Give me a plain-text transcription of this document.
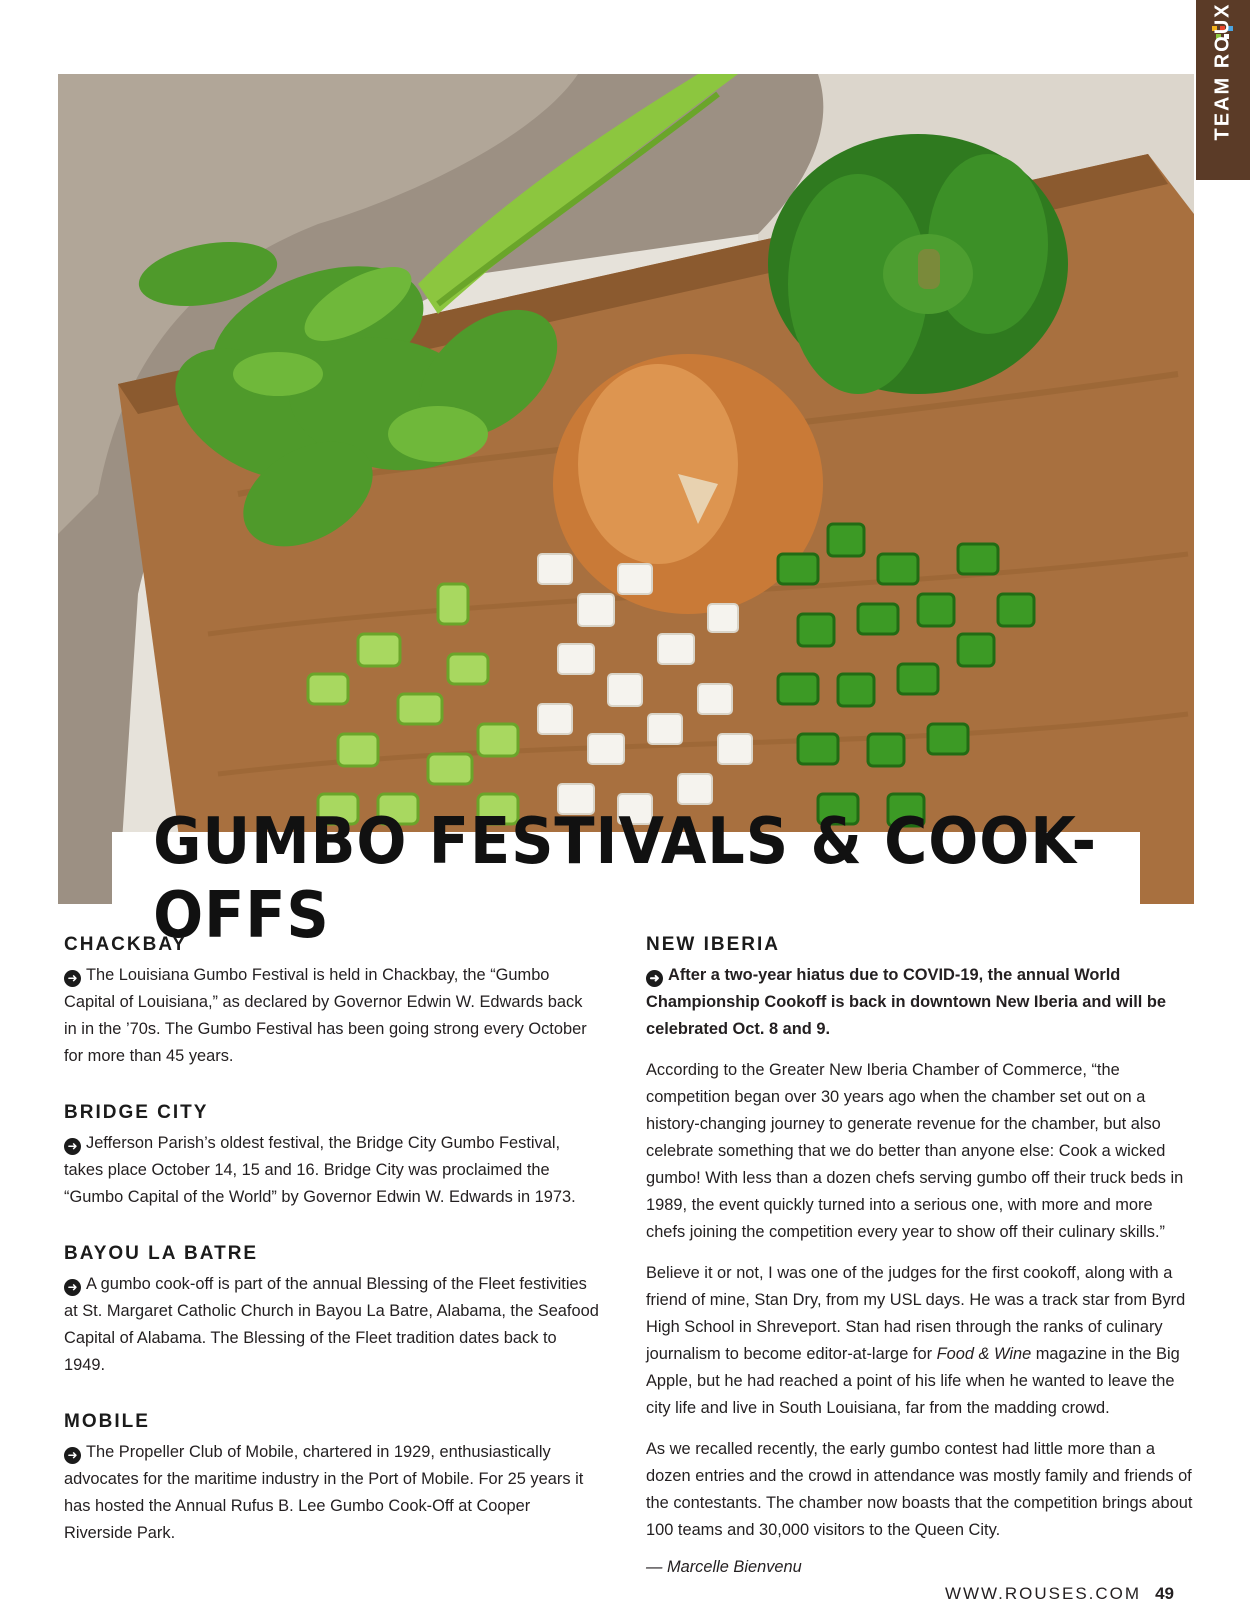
TEAM ROUX
GUMBO FESTIVALS & COOK-OFFS
CHACKBAY

➜ The Louisiana Gumbo Festival is held in Chackbay, the “Gumbo Capital of Louisiana,” as declared by Governor Edwin W. Edwards back in in the ’70s. The Gumbo Festival has been going strong every October for more than 45 years.

BRIDGE CITY

➜ Jefferson Parish’s oldest festival, the Bridge City Gumbo Festival, takes place October 14, 15 and 16. Bridge City was proclaimed the “Gumbo Capital of the World” by Governor Edwin W. Edwards in 1973.

BAYOU LA BATRE

➜ A gumbo cook-off is part of the annual Blessing of the Fleet festivities at St. Margaret Catholic Church in Bayou La Batre, Alabama, the Seafood Capital of Alabama. The Blessing of the Fleet tradition dates back to 1949.

MOBILE

➜ The Propeller Club of Mobile, chartered in 1929, enthusiastically advocates for the maritime industry in the Port of Mobile. For 25 years it has hosted the Annual Rufus B. Lee Gumbo Cook-Off at Cooper Riverside Park.

NEW IBERIA

➜ After a two-year hiatus due to COVID-19, the annual World Championship Cookoff is back in downtown New Iberia and will be celebrated Oct. 8 and 9.

According to the Greater New Iberia Chamber of Commerce, “the competition began over 30 years ago when the chamber set out on a history-changing journey to generate revenue for the chamber, but also celebrate something that we do better than anyone else: Cook a wicked gumbo! With less than a dozen chefs serving gumbo off their truck beds in 1989, the event quickly turned into a serious one, with more and more chefs joining the competition every year to show off their culinary skills.”

Believe it or not, I was one of the judges for the first cookoff, along with a friend of mine, Stan Dry, from my USL days. He was a track star from Byrd High School in Shreveport. Stan had risen through the ranks of culinary journalism to become editor-at-large for Food & Wine magazine in the Big Apple, but he had reached a point of his life when he wanted to leave the city life and live in South Louisiana, far from the madding crowd.

As we recalled recently, the early gumbo contest had little more than a dozen entries and the crowd in attendance was mostly family and friends of the contestants. The chamber now boasts that the competition brings about 100 teams and 30,000 visitors to the Queen City.

— Marcelle Bienvenu
WWW.ROUSES.COM 49
